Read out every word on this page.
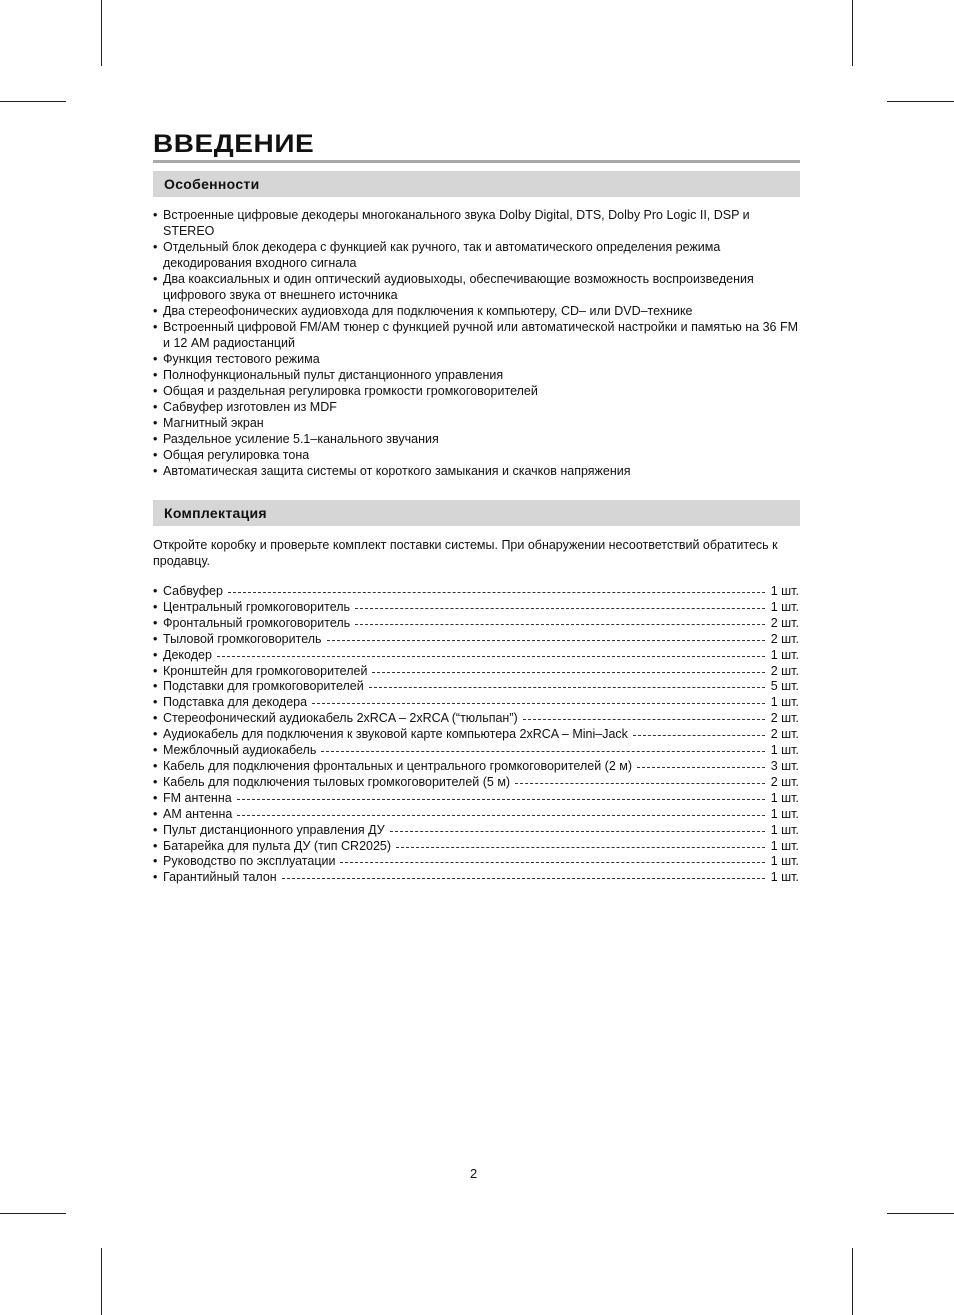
ВВЕДЕНИЕ
Особенности
• Встроенные цифровые декодеры многоканального звука Dolby Digital, DTS, Dolby Pro Logic II, DSP и STEREO
• Отдельный блок декодера с функцией как ручного, так и автоматического определения режима декодирования входного сигнала
• Два коаксиальных и один оптический аудиовыходы, обеспечивающие возможность воспроизведения цифрового звука от внешнего источника
• Два стереофонических аудиовхода для подключения к компьютеру, CD– или DVD–технике
• Встроенный цифровой FM/AM тюнер с функцией ручной или автоматической настройки и памятью на 36 FM и 12 AM радиостанций
• Функция тестового режима
• Полнофункциональный пульт дистанционного управления
• Общая и раздельная регулировка громкости громкоговорителей
• Сабвуфер изготовлен из MDF
• Магнитный экран
• Раздельное усиление 5.1–канального звучания
• Общая регулировка тона
• Автоматическая защита системы от короткого замыкания и скачков напряжения
Комплектация

Откройте коробку и проверьте комплект поставки системы. При обнаружении несоответствий обратитесь к продавцу.

• Сабвуфер	1 шт.
• Центральный громкоговоритель	1 шт.
• Фронтальный громкоговоритель	2 шт.
• Тыловой громкоговоритель	2 шт.
• Декодер	1 шт.
• Кронштейн для громкоговорителей	2 шт.
• Подставки для громкоговорителей	5 шт.
• Подставка для декодера	1 шт.
• Стереофонический аудиокабель 2хRCA – 2хRCA (“тюльпан”)	2 шт.
• Аудиокабель для подключения к звуковой карте компьютера 2хRCA – Mini–Jack	2 шт.
• Межблочный аудиокабель	1 шт.
• Кабель для подключения фронтальных и центрального громкоговорителей (2 м)	3 шт.
• Кабель для подключения тыловых громкоговорителей (5 м)	2 шт.
• FM антенна	1 шт.
• AM антенна	1 шт.
• Пульт дистанционного управления ДУ	1 шт.
• Батарейка для пульта ДУ (тип CR2025)	1 шт.
• Руководство по эксплуатации	1 шт.
• Гарантийный талон	1 шт.
2
